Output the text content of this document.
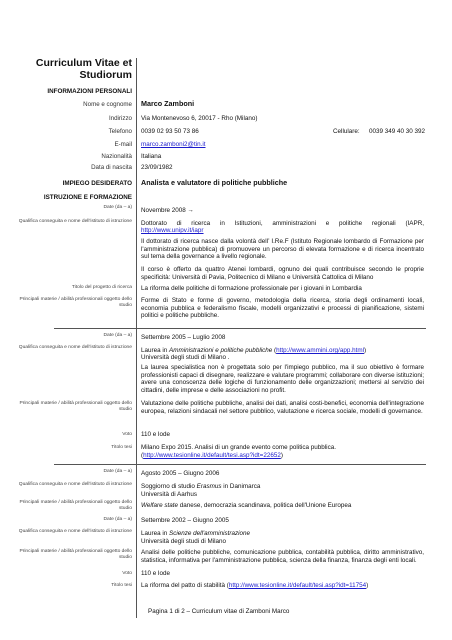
Curriculum Vitae et
Studiorum
INFORMAZIONI PERSONALI
Nome e cognome Marco Zamboni
Indirizzo Via Montenevoso 6, 20017 - Rho (Milano)
Telefono 0039 02 93 50 73 86	Cellulare: 0039 349 40 30 392
E-mail marco.zamboni2@tin.it
Nazionalità Italiana
Data di nascita 23/09/1982
IMPIEGO DESIDERATO Analista e valutatore di politiche pubbliche
ISTRUZIONE E FORMAZIONE
Date (da – a) Novembre 2008 →
Qualifica conseguita e nome dell'istituto di istruzione Dottorato di ricerca in Istituzioni, amministrazioni e politiche regionali (IAPR,
http://www.unipv.it/iapr
Il dottorato di ricerca nasce dalla volontà dell’ I.Re.F (Istituto Regionale lombardo di Formazione per l'amministrazione pubblica) di promuovere un percorso di elevata formazione e di ricerca incentrato sul tema della governance a livello regionale.
Il corso è offerto da quattro Atenei lombardi, ognuno dei quali contribuisce secondo le proprie specificità: Università di Pavia, Politecnico di Milano e Università Cattolica di Milano
Titolo del progetto di ricerca La riforma delle politiche di formazione professionale per i giovani in Lombardia
Principali materie / abilità professionali oggetto dello studio
Forme di Stato e forme di governo, metodologia della ricerca, storia degli ordinamenti locali, economia pubblica e federalismo fiscale, modelli organizzativi e processi di pianificazione, sistemi politici e politiche pubbliche.
Date (da – a) Settembre 2005 – Luglio 2008
Qualifica conseguita e nome dell'istituto di istruzione Laurea in Amministrazioni e politiche pubbliche (http://www.ammini.org/app.html)
Università degli studi di Milano .
La laurea specialistica non è progettata solo per l'impiego pubblico, ma il suo obiettivo è formare professionisti capaci di disegnare, realizzare e valutare programmi; collaborare con diverse istituzioni; avere una conoscenza delle logiche di funzionamento delle organizzazioni; mettersi al servizio dei cittadini, delle imprese e delle associazioni no profit.
Principali materie / abilità professionali oggetto dello studio
Valutazione delle politiche pubbliche, analisi dei dati, analisi costi-benefici, economia dell'integrazione europea, relazioni sindacali nel settore pubblico, valutazione e ricerca sociale, modelli di governance.
Voto 110 e lode
Titolo tesi Milano Expo 2015. Analisi di un grande evento come politica pubblica.
(http://www.tesionline.it/default/tesi.asp?idt=22652)
Date (da – a) Agosto 2005 – Giugno 2006
Qualifica conseguita e nome dell'istituto di istruzione Soggiorno di studio Erasmus in Danimarca
Università di Aarhus
Principali materie / abilità professionali oggetto dello studio Welfare state danese, democrazia scandinava, politica dell'Unione Europea
Date (da – a) Settembre 2002 – Giugno 2005
Qualifica conseguita e nome dell'istituto di istruzione Laurea in Scienze dell'amministrazione
Università degli studi di Milano
Principali materie / abilità professionali oggetto dello studio
Analisi delle politiche pubbliche, comunicazione pubblica, contabilità pubblica, diritto amministrativo, statistica, informativa per l'amministrazione pubblica, scienza della finanza, finanza degli enti locali.
Voto 110 e lode
Titolo tesi La riforma del patto di stabilità (http://www.tesionline.it/default/tesi.asp?idt=11754)
Pagina 1 di 2 – Curriculum vitae di Zamboni Marco
